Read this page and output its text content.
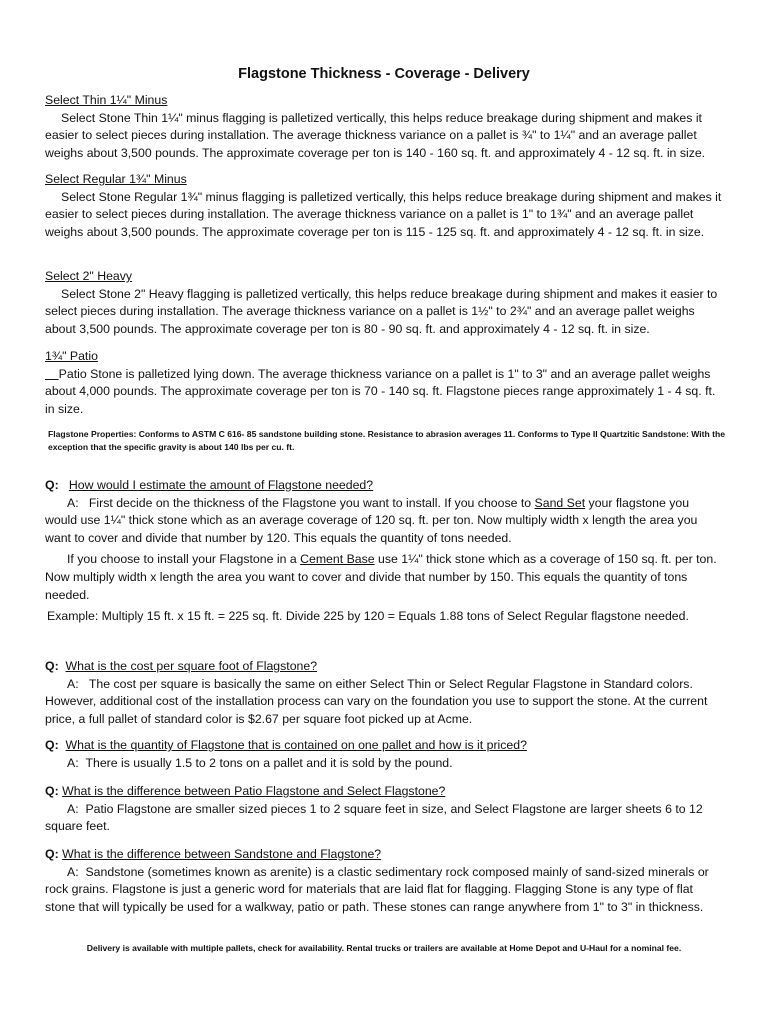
Flagstone Thickness - Coverage - Delivery
Select Thin 1¼" Minus
Select Stone Thin 1¼" minus flagging is palletized vertically, this helps reduce breakage during shipment and makes it easier to select pieces during installation. The average thickness variance on a pallet is ¾" to 1¼" and an average pallet weighs about 3,500 pounds. The approximate coverage per ton is 140 - 160 sq. ft. and approximately 4 - 12 sq. ft. in size.
Select Regular 1¾" Minus
Select Stone Regular 1¾" minus flagging is palletized vertically, this helps reduce breakage during shipment and makes it easier to select pieces during installation. The average thickness variance on a pallet is 1" to 1¾" and an average pallet weighs about 3,500 pounds. The approximate coverage per ton is 115 - 125 sq. ft. and approximately 4 - 12 sq. ft. in size.
Select 2" Heavy
Select Stone 2" Heavy flagging is palletized vertically, this helps reduce breakage during shipment and makes it easier to select pieces during installation. The average thickness variance on a pallet is 1½" to 2¾" and an average pallet weighs about 3,500 pounds. The approximate coverage per ton is 80 - 90 sq. ft. and approximately 4 - 12 sq. ft. in size.
1¾" Patio
Patio Stone is palletized lying down. The average thickness variance on a pallet is 1" to 3" and an average pallet weighs about 4,000 pounds. The approximate coverage per ton is 70 - 140 sq. ft. Flagstone pieces range approximately 1 - 4 sq. ft. in size.
Flagstone Properties: Conforms to ASTM C 616- 85 sandstone building stone. Resistance to abrasion averages 11. Conforms to Type II Quartzitic Sandstone: With the exception that the specific gravity is about 140 lbs per cu. ft.
Q: How would I estimate the amount of Flagstone needed?
A: First decide on the thickness of the Flagstone you want to install. If you choose to Sand Set your flagstone you would use 1¼" thick stone which as an average coverage of 120 sq. ft. per ton. Now multiply width x length the area you want to cover and divide that number by 120. This equals the quantity of tons needed.
If you choose to install your Flagstone in a Cement Base use 1¼" thick stone which as a coverage of 150 sq. ft. per ton. Now multiply width x length the area you want to cover and divide that number by 150. This equals the quantity of tons needed.
Example: Multiply 15 ft. x 15 ft. = 225 sq. ft. Divide 225 by 120 = Equals 1.88 tons of Select Regular flagstone needed.
Q: What is the cost per square foot of Flagstone?
A: The cost per square is basically the same on either Select Thin or Select Regular Flagstone in Standard colors. However, additional cost of the installation process can vary on the foundation you use to support the stone. At the current price, a full pallet of standard color is $2.67 per square foot picked up at Acme.
Q: What is the quantity of Flagstone that is contained on one pallet and how is it priced?
A: There is usually 1.5 to 2 tons on a pallet and it is sold by the pound.
Q: What is the difference between Patio Flagstone and Select Flagstone?
A: Patio Flagstone are smaller sized pieces 1 to 2 square feet in size, and Select Flagstone are larger sheets 6 to 12 square feet.
Q: What is the difference between Sandstone and Flagstone?
A: Sandstone (sometimes known as arenite) is a clastic sedimentary rock composed mainly of sand-sized minerals or rock grains. Flagstone is just a generic word for materials that are laid flat for flagging. Flagging Stone is any type of flat stone that will typically be used for a walkway, patio or path. These stones can range anywhere from 1" to 3" in thickness.
Delivery is available with multiple pallets, check for availability. Rental trucks or trailers are available at Home Depot and U-Haul for a nominal fee.
